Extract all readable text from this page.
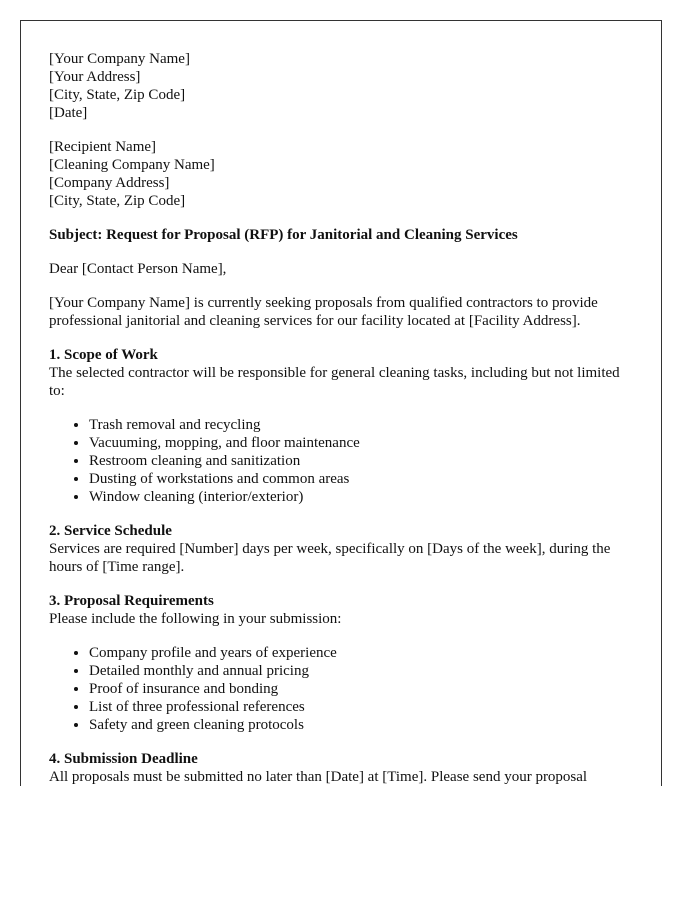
[Your Company Name]
[Your Address]
[City, State, Zip Code]
[Date]

[Recipient Name]
[Cleaning Company Name]
[Company Address]
[City, State, Zip Code]

Subject: Request for Proposal (RFP) for Janitorial and Cleaning Services

Dear [Contact Person Name],

[Your Company Name] is currently seeking proposals from qualified contractors to provide professional janitorial and cleaning services for our facility located at [Facility Address].

1. Scope of Work
The selected contractor will be responsible for general cleaning tasks, including but not limited to:
• Trash removal and recycling
• Vacuuming, mopping, and floor maintenance
• Restroom cleaning and sanitization
• Dusting of workstations and common areas
• Window cleaning (interior/exterior)

2. Service Schedule
Services are required [Number] days per week, specifically on [Days of the week], during the hours of [Time range].

3. Proposal Requirements
Please include the following in your submission:
• Company profile and years of experience
• Detailed monthly and annual pricing
• Proof of insurance and bonding
• List of three professional references
• Safety and green cleaning protocols

4. Submission Deadline
All proposals must be submitted no later than [Date] at [Time]. Please send your proposal
